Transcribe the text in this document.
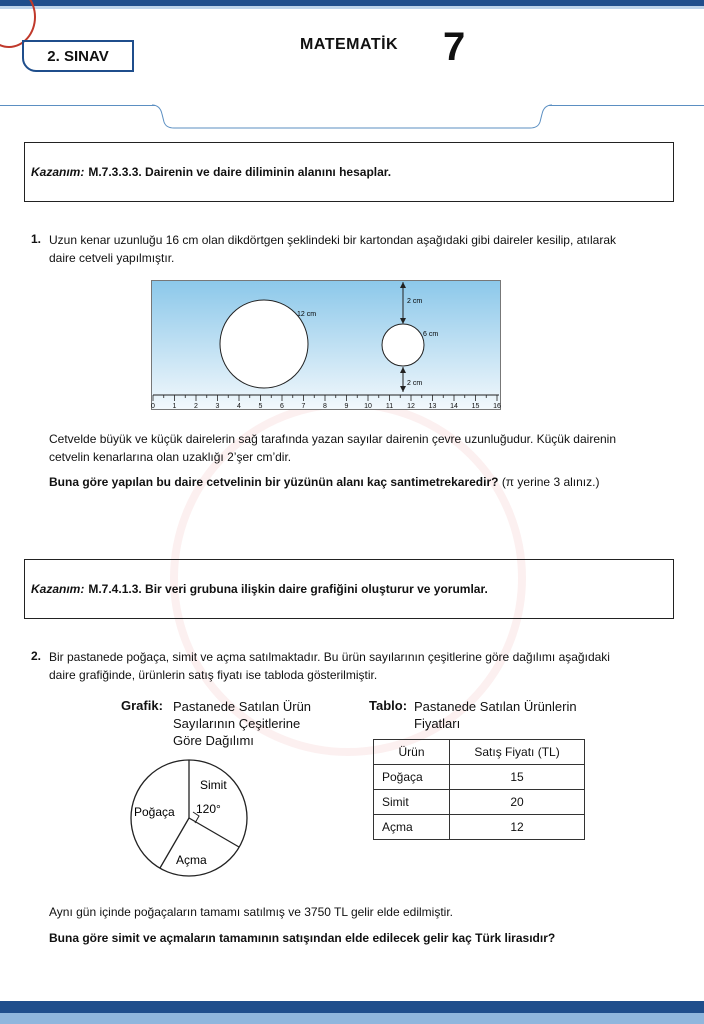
2. SINAV
MATEMATİK 7
Kazanım: M.7.3.3.3. Dairenin ve daire diliminin alanını hesaplar.
1. Uzun kenar uzunluğu 16 cm olan dikdörtgen şeklindeki bir kartondan aşağıdaki gibi daireler kesilip, atılarak
daire cetveli yapılmıştır.
12 cm
6 cm
2 cm
2 cm
0	1	2	3	4	5	6	7	8	9 10 11 12 13 14 15 16
Cetvelde büyük ve küçük dairelerin sağ tarafında yazan sayılar dairenin çevre uzunluğudur. Küçük dairenin
cetvelin kenarlarına olan uzaklığı 2’şer cm’dir.
Buna göre yapılan bu daire cetvelinin bir yüzünün alanı kaç santimetrekaredir? (π yerine 3 alınız.)
Kazanım: M.7.4.1.3. Bir veri grubuna ilişkin daire grafiğini oluşturur ve yorumlar.
2. Bir pastanede poğaça, simit ve açma satılmaktadır. Bu ürün sayılarının çeşitlerine göre dağılımı aşağıdaki
daire grafiğinde, ürünlerin satış fiyatı ise tabloda gösterilmiştir.
Grafik: Pastanede Satılan Ürün
Sayılarının Çeşitlerine
Göre Dağılımı
Tablo: Pastanede Satılan Ürünlerin
Fiyatları
Simit
Açma
Poğaça 120°
Ürün	Satış Fiyatı (TL)
Poğaça	15
Simit	20
Açma	12
Aynı gün içinde poğaçaların tamamı satılmış ve 3750 TL gelir elde edilmiştir.
Buna göre simit ve açmaların tamamının satışından elde edilecek gelir kaç Türk lirasıdır?
